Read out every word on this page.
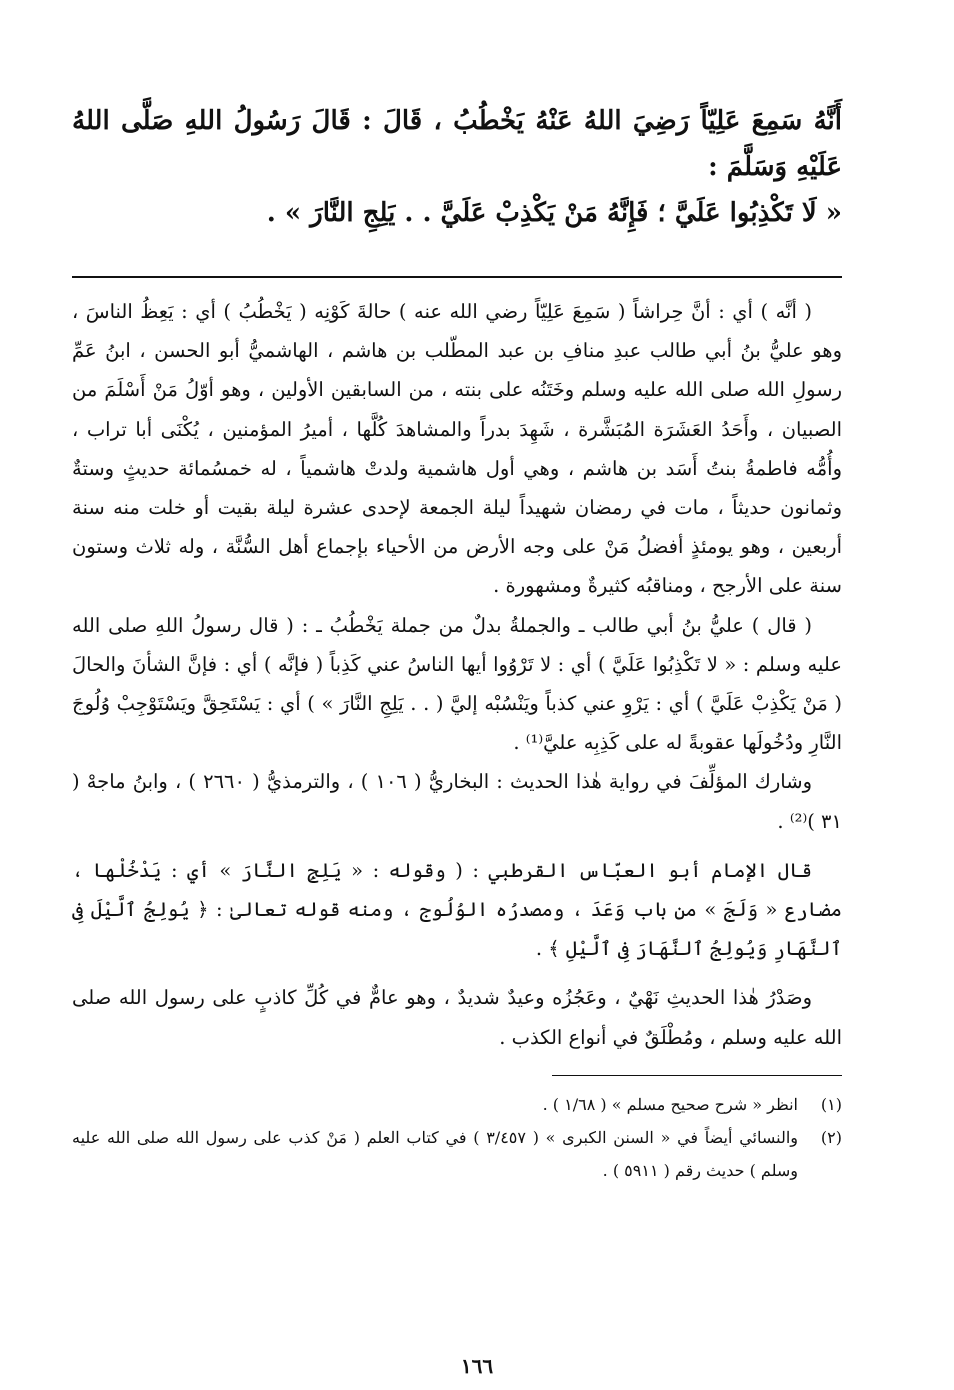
أَنَّهُ سَمِعَ عَلِيّاً رَضِيَ اللهُ عَنْهُ يَخْطُبُ ، قَالَ : قَالَ رَسُولُ اللهِ صَلَّى اللهُ عَلَيْهِ وَسَلَّمَ :

« لَا تَكْذِبُوا عَلَيَّ ؛ فَإِنَّهُ مَنْ يَكْذِبْ عَلَيَّ . . يَلِجِ النَّارَ » .

( أنَّه ) أي : أنَّ حِراشاً ( سَمِعَ عَلِيّاً رضي الله عنه ) حالةَ كَوْنِه ( يَخْطُبُ ) أي : يَعِظُ الناسَ ، وهو عليُّ بنُ أبي طالب عبدِ منافِ بن عبد المطّلب بن هاشم ، الهاشميُّ أبو الحسن ، ابنُ عَمِّ رسولِ الله صلى الله عليه وسلم وخَتَنُه على بنته ، من السابقين الأولين ، وهو أوّلُ مَنْ أَسْلَمَ من الصبيان ، وأَحَدُ العَشَرَة المُبَشَّرة ، شَهِدَ بدراً والمشاهدَ كُلَّها ، أميرُ المؤمنين ، يُكْنَى أبا تراب ، وأُمُّه فاطمةُ بنتُ أَسَد بن هاشم ، وهي أول هاشمية ولدتْ هاشمياً ، له خمسُمائة حديثٍ وستةٌ وثمانون حديثاً ، مات في رمضان شهيداً ليلة الجمعة لإحدى عشرة ليلة بقيت أو خلت منه سنة أربعين ، وهو يومئذٍ أفضلُ مَنْ على وجه الأرض من الأحياء بإجماع أهل السُّنَّة ، وله ثلاث وستون سنة على الأرجح ، ومناقبُه كثيرةٌ ومشهورة .

( قال ) عليُّ بنُ أبي طالب ـ والجملةُ بدلٌ من جملة يَخْطُبُ ـ : ( قال رسولُ اللهِ صلى الله عليه وسلم : « لا تَكْذِبُوا عَلَيَّ ) أي : لا تَرْوُوا أيها الناسُ عني كَذِباً ( فإنَّه ) أي : فإنَّ الشأنَ والحالَ ( مَنْ يَكْذِبْ عَلَيَّ ) أي : يَرْوِ عني كذباً ويَنْسُبْه إليَّ ( . . يَلِجِ النَّارَ » ) أي : يَسْتَحِقَّ ويَسْتَوْجِبْ وُلُوجَ النَّارِ ودُخُولَها عقوبةً له على كَذِبِه عليَّ⁽¹⁾ .

وشارك المؤلِّفَ في رواية هٰذا الحديث : البخاريُّ ( ١٠٦ ) ، والترمذيُّ ( ٢٦٦٠ ) ، وابنُ ماجهْ ( ٣١ )⁽²⁾ .

قال الإمام أبو العبّاس القرطبي : ( وقوله : « يَلِجِ النَّارَ » أي : يَدْخُلْها ، مضارع « وَلَجَ » من باب وَعَدَ ، ومصدرُه الوُلُوج ، ومنه قوله تعالىٰ : ﴿ يُولِجُ ٱلَّيْلَ فِى ٱلنَّهَارِ وَيُولِجُ ٱلنَّهَارَ فِى ٱلَّيْلِ ﴾ .

وصَدْرُ هٰذا الحديثِ نَهْيٌ ، وعَجُزُه وعيدٌ شديدٌ ، وهو عامٌّ في كُلِّ كاذبٍ على رسول الله صلى الله عليه وسلم ، ومُطْلَقٌ في أنواع الكذب .

(١)
انظر « شرح صحيح مسلم » ( ١/٦٨ ) .
(٢)
والنسائي أيضاً في « السنن الكبرى » ( ٣/٤٥٧ ) في كتاب العلم ( مَنْ كذب على رسول الله صلى الله عليه وسلم ) حديث رقم ( ٥٩١١ ) .
١٦٦
